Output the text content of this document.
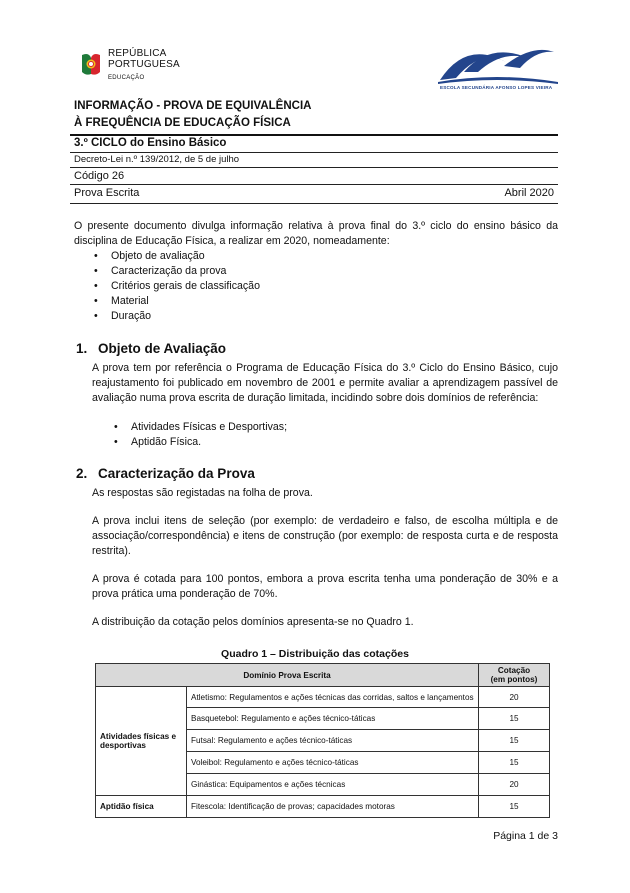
REPÚBLICA
PORTUGUESA
EDUCAÇÃO
ESCOLA SECUNDÁRIA AFONSO LOPES VIEIRA
INFORMAÇÃO - PROVA DE EQUIVALÊNCIA
À FREQUÊNCIA DE EDUCAÇÃO FÍSICA
3.º CICLO do Ensino Básico
Decreto-Lei n.º 139/2012, de 5 de julho
Código 26
Prova Escrita	Abril 2020
O presente documento divulga informação relativa à prova final do 3.º ciclo do ensino básico da disciplina de Educação Física, a realizar em 2020, nomeadamente:
• Objeto de avaliação
• Caracterização da prova
• Critérios gerais de classificação
• Material
• Duração
1. Objeto de Avaliação
A prova tem por referência o Programa de Educação Física do 3.º Ciclo do Ensino Básico, cujo reajustamento foi publicado em novembro de 2001 e permite avaliar a aprendizagem passível de avaliação numa prova escrita de duração limitada, incidindo sobre dois domínios de referência:
• Atividades Físicas e Desportivas;
• Aptidão Física.
2. Caracterização da Prova
As respostas são registadas na folha de prova.
A prova inclui itens de seleção (por exemplo: de verdadeiro e falso, de escolha múltipla e de associação/correspondência) e itens de construção (por exemplo: de resposta curta e de resposta restrita).
A prova é cotada para 100 pontos, embora a prova escrita tenha uma ponderação de 30% e a prova prática uma ponderação de 70%.
A distribuição da cotação pelos domínios apresenta-se no Quadro 1.
Quadro 1 – Distribuição das cotações
Domínio Prova Escrita		Cotação
(em pontos)

Atividades físicas e desportivas	Atletismo: Regulamentos e ações técnicas das corridas, saltos e lançamentos	20
	Basquetebol: Regulamento e ações técnico-táticas	15
	Futsal: Regulamento e ações técnico-táticas	15
	Voleibol: Regulamento e ações técnico-táticas	15
	Ginástica: Equipamentos e ações técnicas	20
Aptidão física	Fitescola: Identificação de provas; capacidades motoras	15
Página 1 de 3
